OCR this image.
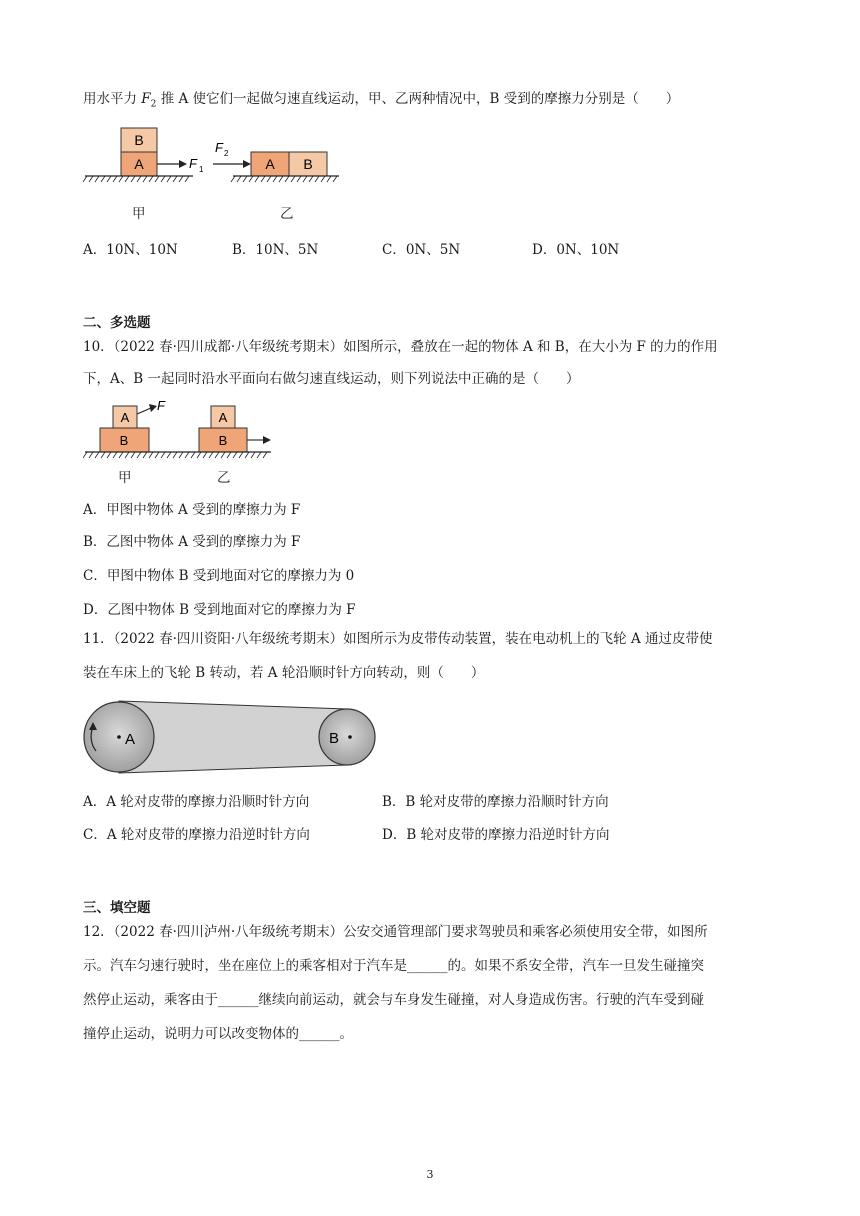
用水平力 $F_2$ 推 A 使它们一起做匀速直线运动，甲、乙两种情况中，B 受到的摩擦力分别是（　　）
B
A	F 1
F 2
A B
甲	乙
A．10N、10N	B．10N、5N	C．0N、5N	D．0N、10N
二、多选题
10．（2022 春·四川成都·八年级统考期末）如图所示，叠放在一起的物体 A 和 B，在大小为 F 的力的作用
下，A、B 一起同时沿水平面向右做匀速直线运动，则下列说法中正确的是（　　）
A
F
B
A
B
甲	乙
A．甲图中物体 A 受到的摩擦力为 F
B．乙图中物体 A 受到的摩擦力为 F
C．甲图中物体 B 受到地面对它的摩擦力为 0
D．乙图中物体 B 受到地面对它的摩擦力为 F
11．（2022 春·四川资阳·八年级统考期末）如图所示为皮带传动装置，装在电动机上的飞轮 A 通过皮带使
装在车床上的飞轮 B 转动，若 A 轮沿顺时针方向转动，则（　　）
A	B
A．A 轮对皮带的摩擦力沿顺时针方向	B．B 轮对皮带的摩擦力沿顺时针方向
C．A 轮对皮带的摩擦力沿逆时针方向	D．B 轮对皮带的摩擦力沿逆时针方向
三、填空题
12．（2022 春·四川泸州·八年级统考期末）公安交通管理部门要求驾驶员和乘客必须使用安全带，如图所
示。汽车匀速行驶时，坐在座位上的乘客相对于汽车是______的。如果不系安全带，汽车一旦发生碰撞突
然停止运动，乘客由于______继续向前运动，就会与车身发生碰撞，对人身造成伤害。行驶的汽车受到碰
撞停止运动，说明力可以改变物体的______。
3
